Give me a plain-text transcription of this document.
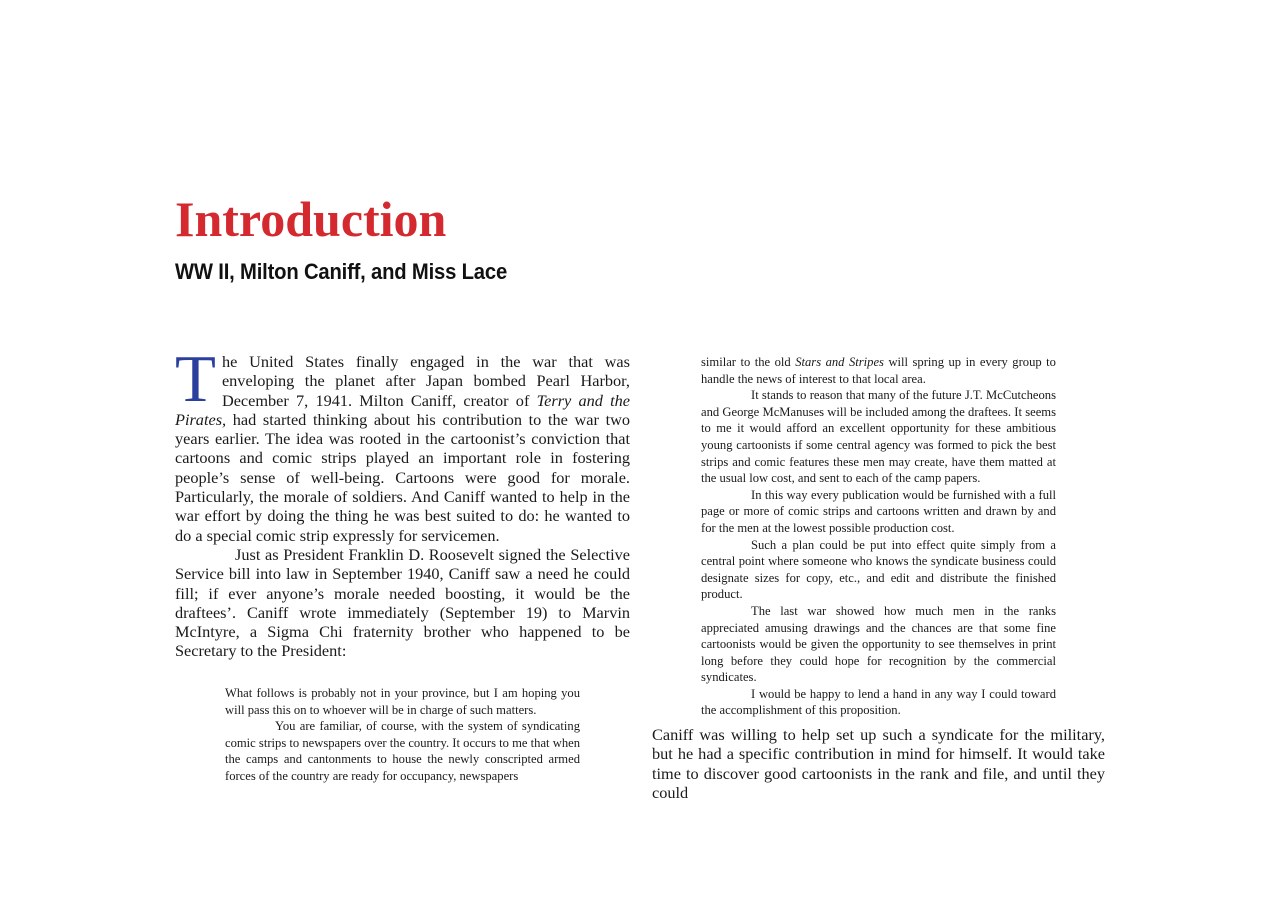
Introduction
WW II, Milton Caniff, and Miss Lace

The United States finally engaged in the war that was enveloping the planet after Japan bombed Pearl Harbor, December 7, 1941. Milton Caniff, creator of Terry and the Pirates, had started thinking about his contribution to the war two years earlier. The idea was rooted in the cartoonist’s conviction that cartoons and comic strips played an important role in fostering people’s sense of well-being. Cartoons were good for morale. Particularly, the morale of soldiers. And Caniff wanted to help in the war effort by doing the thing he was best suited to do: he wanted to do a special comic strip expressly for servicemen.

Just as President Franklin D. Roosevelt signed the Selective Service bill into law in September 1940, Caniff saw a need he could fill; if ever anyone’s morale needed boosting, it would be the draftees’. Caniff wrote immediately (September 19) to Marvin McIntyre, a Sigma Chi fraternity brother who happened to be Secretary to the President:

What follows is probably not in your province, but I am hoping you will pass this on to whoever will be in charge of such matters.

You are familiar, of course, with the system of syndicating comic strips to newspapers over the country. It occurs to me that when the camps and cantonments to house the newly conscripted armed forces of the country are ready for occupancy, newspapers

similar to the old Stars and Stripes will spring up in every group to handle the news of interest to that local area.

It stands to reason that many of the future J.T. McCutcheons and George McManuses will be included among the draftees. It seems to me it would afford an excellent opportunity for these ambitious young cartoonists if some central agency was formed to pick the best strips and comic features these men may create, have them matted at the usual low cost, and sent to each of the camp papers.

In this way every publication would be furnished with a full page or more of comic strips and cartoons written and drawn by and for the men at the lowest possible production cost.

Such a plan could be put into effect quite simply from a central point where someone who knows the syndicate business could designate sizes for copy, etc., and edit and distribute the finished product.

The last war showed how much men in the ranks appreciated amusing drawings and the chances are that some fine cartoonists would be given the opportunity to see themselves in print long before they could hope for recognition by the commercial syndicates.

I would be happy to lend a hand in any way I could toward the accomplishment of this proposition.

Caniff was willing to help set up such a syndicate for the military, but he had a specific contribution in mind for himself. It would take time to discover good cartoonists in the rank and file, and until they could
